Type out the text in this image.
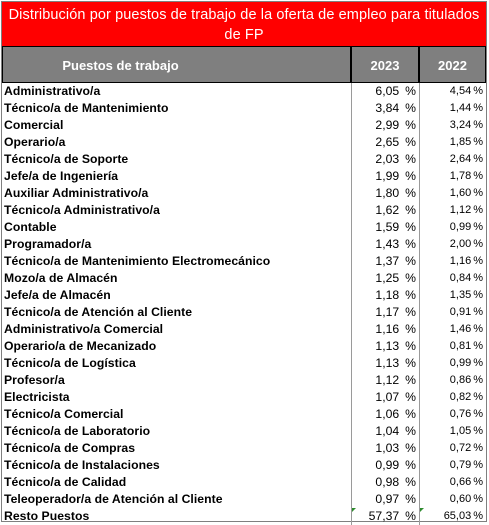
Distribución por puestos de trabajo de la oferta de empleo para titulados de FP
Puestos de trabajo	2023	2022
Administrativo/a	6,05 %	4,54 %
Técnico/a de Mantenimiento	3,84 %	1,44 %
Comercial	2,99 %	3,24 %
Operario/a	2,65 %	1,85 %
Técnico/a de Soporte	2,03 %	2,64 %
Jefe/a de Ingeniería	1,99 %	1,78 %
Auxiliar Administrativo/a	1,80 %	1,60 %
Técnico/a Administrativo/a	1,62 %	1,12 %
Contable	1,59 %	0,99 %
Programador/a	1,43 %	2,00 %
Técnico/a de Mantenimiento Electromecánico	1,37 %	1,16 %
Mozo/a de Almacén	1,25 %	0,84 %
Jefe/a de Almacén	1,18 %	1,35 %
Técnico/a de Atención al Cliente	1,17 %	0,91 %
Administrativo/a Comercial	1,16 %	1,46 %
Operario/a de Mecanizado	1,13 %	0,81 %
Técnico/a de Logística	1,13 %	0,99 %
Profesor/a	1,12 %	0,86 %
Electricista	1,07 %	0,82 %
Técnico/a Comercial	1,06 %	0,76 %
Técnico/a de Laboratorio	1,04 %	1,05 %
Técnico/a de Compras	1,03 %	0,72 %
Técnico/a de Instalaciones	0,99 %	0,79 %
Técnico/a de Calidad	0,98 %	0,66 %
Teleoperador/a de Atención al Cliente	0,97 %	0,60 %
Resto Puestos	57,37 %	65,03 %
